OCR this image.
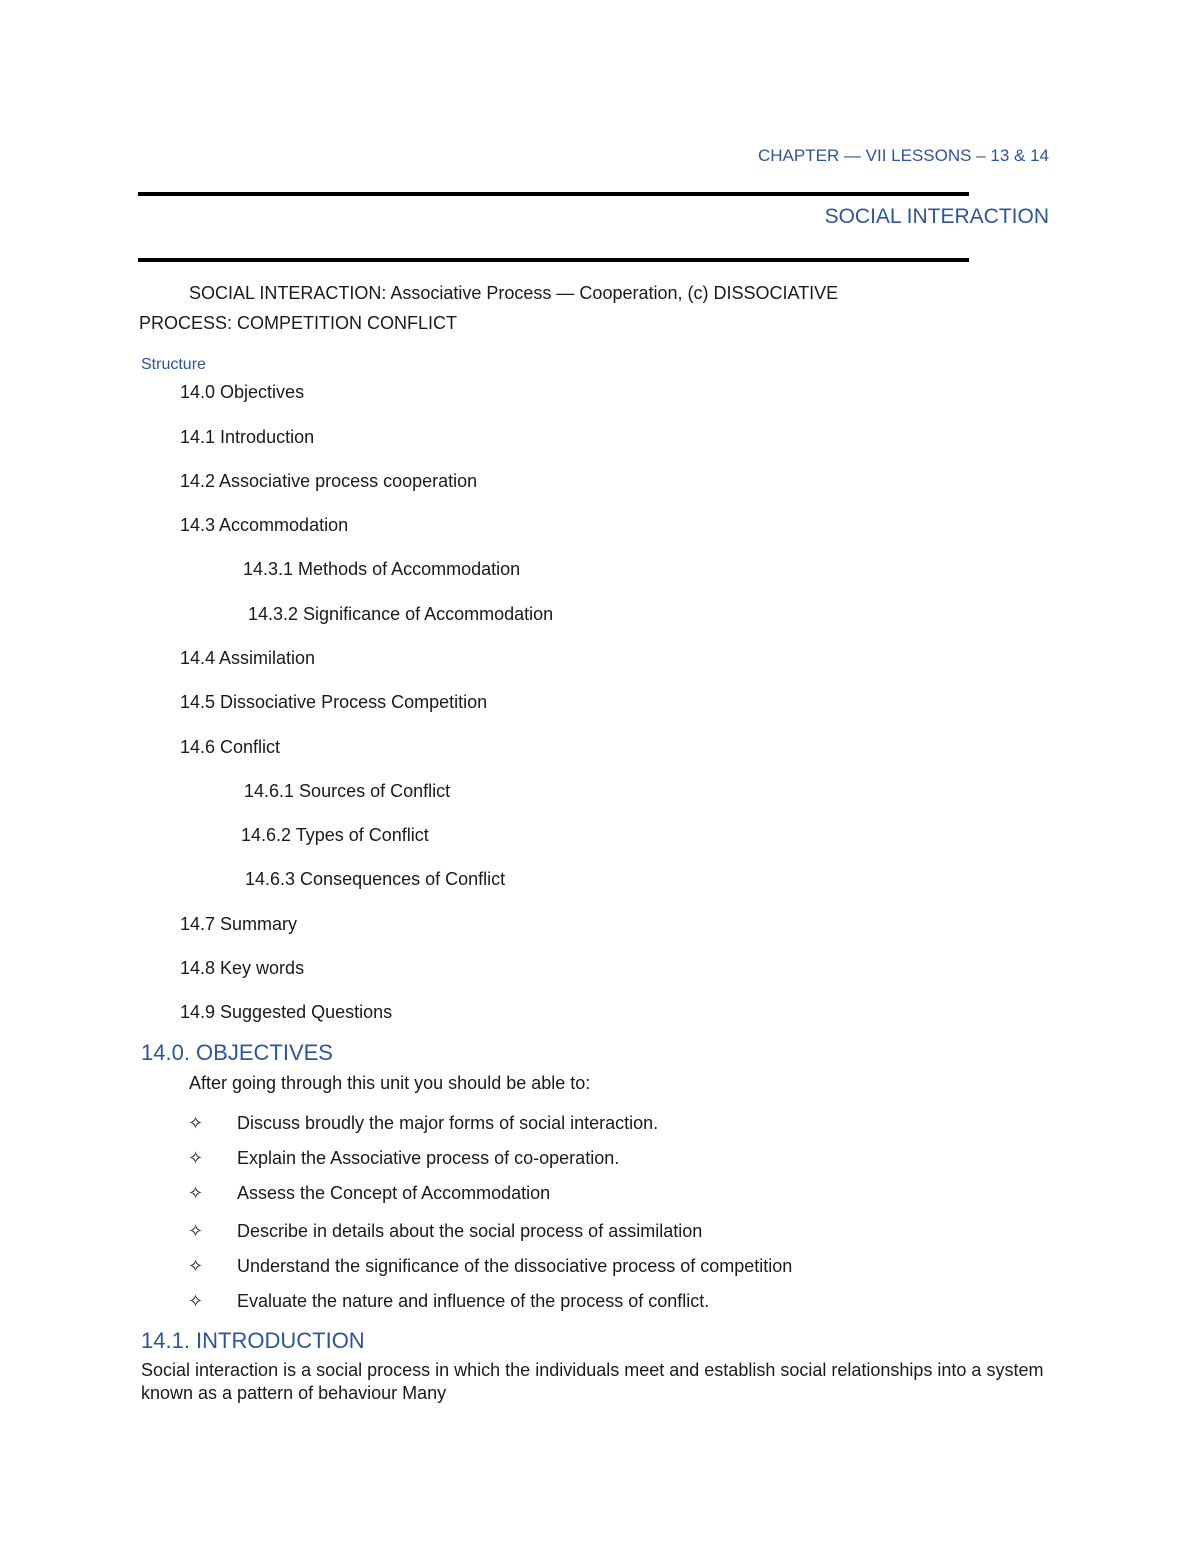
CHAPTER — VII LESSONS – 13 & 14
SOCIAL INTERACTION
SOCIAL INTERACTION: Associative Process — Cooperation, (c) DISSOCIATIVE
PROCESS: COMPETITION CONFLICT
Structure
14.0 Objectives
14.1 Introduction
14.2 Associative process cooperation
14.3 Accommodation
14.3.1 Methods of Accommodation
14.3.2 Significance of Accommodation
14.4 Assimilation
14.5 Dissociative Process Competition
14.6 Conflict
14.6.1 Sources of Conflict
14.6.2 Types of Conflict
14.6.3 Consequences of Conflict
14.7 Summary
14.8 Key words
14.9 Suggested Questions
14.0. OBJECTIVES
After going through this unit you should be able to:
✧ Discuss broudly the major forms of social interaction.
✧ Explain the Associative process of co-operation.
✧ Assess the Concept of Accommodation
✧ Describe in details about the social process of assimilation
✧ Understand the significance of the dissociative process of competition
✧ Evaluate the nature and influence of the process of conflict.
14.1. INTRODUCTION
Social interaction is a social process in which the individuals meet and establish social relationships into a system known as a pattern of behaviour Many
